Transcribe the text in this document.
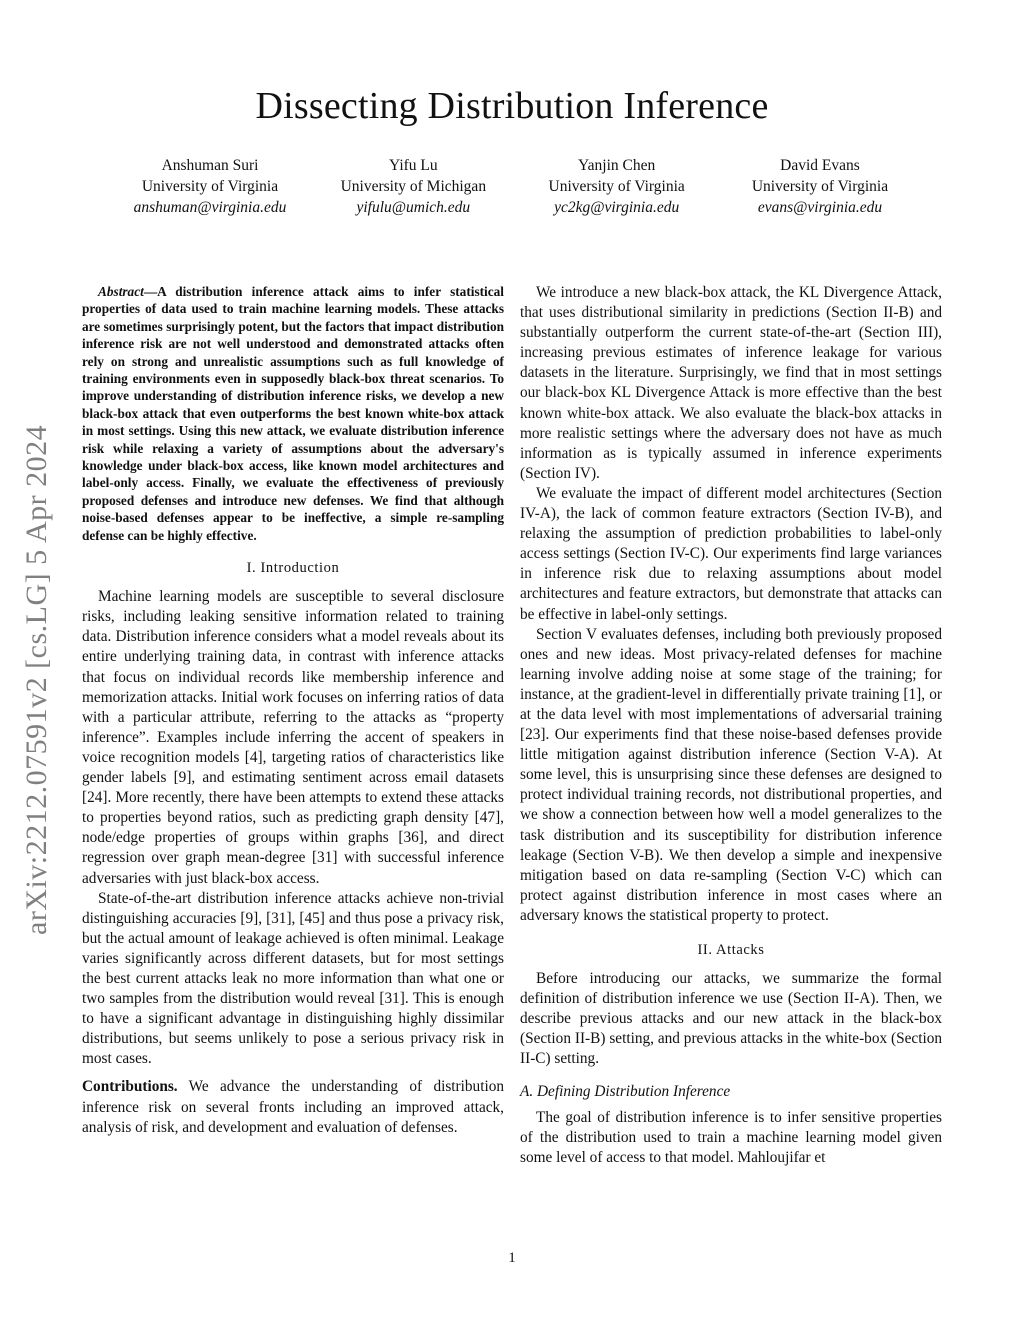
Dissecting Distribution Inference
Anshuman Suri
University of Virginia
anshuman@virginia.edu
Yifu Lu
University of Michigan
yifulu@umich.edu
Yanjin Chen
University of Virginia
yc2kg@virginia.edu
David Evans
University of Virginia
evans@virginia.edu
arXiv:2212.07591v2 [cs.LG] 5 Apr 2024

Abstract—A distribution inference attack aims to infer statistical properties of data used to train machine learning models. These attacks are sometimes surprisingly potent, but the factors that impact distribution inference risk are not well understood and demonstrated attacks often rely on strong and unrealistic assumptions such as full knowledge of training environments even in supposedly black-box threat scenarios. To improve understanding of distribution inference risks, we develop a new black-box attack that even outperforms the best known white-box attack in most settings. Using this new attack, we evaluate distribution inference risk while relaxing a variety of assumptions about the adversary's knowledge under black-box access, like known model architectures and label-only access. Finally, we evaluate the effectiveness of previously proposed defenses and introduce new defenses. We find that although noise-based defenses appear to be ineffective, a simple re-sampling defense can be highly effective.

I. Introduction

Machine learning models are susceptible to several disclosure risks, including leaking sensitive information related to training data. Distribution inference considers what a model reveals about its entire underlying training data, in contrast with inference attacks that focus on individual records like membership inference and memorization attacks. Initial work focuses on inferring ratios of data with a particular attribute, referring to the attacks as “property inference”. Examples include inferring the accent of speakers in voice recognition models [4], targeting ratios of characteristics like gender labels [9], and estimating sentiment across email datasets [24]. More recently, there have been attempts to extend these attacks to properties beyond ratios, such as predicting graph density [47], node/edge properties of groups within graphs [36], and direct regression over graph mean-degree [31] with successful inference adversaries with just black-box access.

State-of-the-art distribution inference attacks achieve non-trivial distinguishing accuracies [9], [31], [45] and thus pose a privacy risk, but the actual amount of leakage achieved is often minimal. Leakage varies significantly across different datasets, but for most settings the best current attacks leak no more information than what one or two samples from the distribution would reveal [31]. This is enough to have a significant advantage in distinguishing highly dissimilar distributions, but seems unlikely to pose a serious privacy risk in most cases.

Contributions. We advance the understanding of distribution inference risk on several fronts including an improved attack, analysis of risk, and development and evaluation of defenses.

We introduce a new black-box attack, the KL Divergence Attack, that uses distributional similarity in predictions (Section II-B) and substantially outperform the current state-of-the-art (Section III), increasing previous estimates of inference leakage for various datasets in the literature. Surprisingly, we find that in most settings our black-box KL Divergence Attack is more effective than the best known white-box attack. We also evaluate the black-box attacks in more realistic settings where the adversary does not have as much information as is typically assumed in inference experiments (Section IV).

We evaluate the impact of different model architectures (Section IV-A), the lack of common feature extractors (Section IV-B), and relaxing the assumption of prediction probabilities to label-only access settings (Section IV-C). Our experiments find large variances in inference risk due to relaxing assumptions about model architectures and feature extractors, but demonstrate that attacks can be effective in label-only settings.

Section V evaluates defenses, including both previously proposed ones and new ideas. Most privacy-related defenses for machine learning involve adding noise at some stage of the training; for instance, at the gradient-level in differentially private training [1], or at the data level with most implementations of adversarial training [23]. Our experiments find that these noise-based defenses provide little mitigation against distribution inference (Section V-A). At some level, this is unsurprising since these defenses are designed to protect individual training records, not distributional properties, and we show a connection between how well a model generalizes to the task distribution and its susceptibility for distribution inference leakage (Section V-B). We then develop a simple and inexpensive mitigation based on data re-sampling (Section V-C) which can protect against distribution inference in most cases where an adversary knows the statistical property to protect.

II. Attacks

Before introducing our attacks, we summarize the formal definition of distribution inference we use (Section II-A). Then, we describe previous attacks and our new attack in the black-box (Section II-B) setting, and previous attacks in the white-box (Section II-C) setting.

A. Defining Distribution Inference

The goal of distribution inference is to infer sensitive properties of the distribution used to train a machine learning model given some level of access to that model. Mahloujifar et

1
